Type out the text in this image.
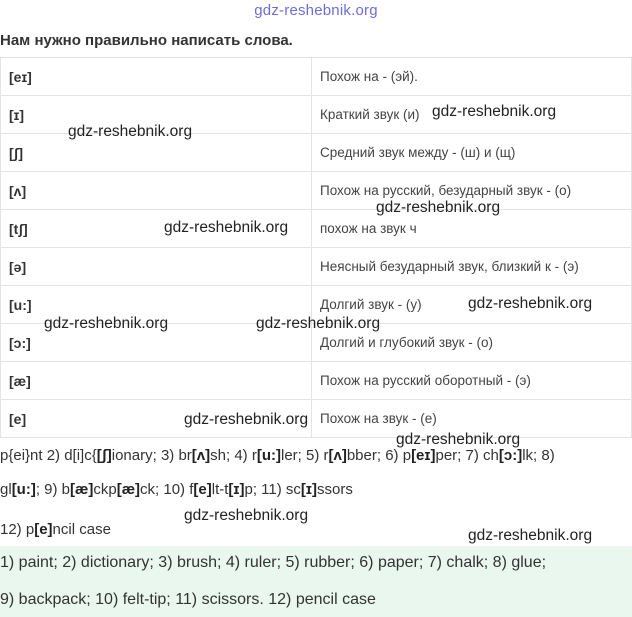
gdz-reshebnik.org
Нам нужно правильно написать слова.
[eɪ]	Похож на - (эй).
[ɪ]	Краткий звук (и)
[ʃ]	Средний звук между - (ш) и (щ)
[ʌ]	Похож на русский, безударный звук - (о)
[tʃ]	похож на звук ч
[ə]	Неясный безударный звук, близкий к - (э)
[u:]	Долгий звук - (у)
[ɔ:]	Долгий и глубокий звук - (о)
[æ]	Похож на русский оборотный - (э)
[e]	Похож на звук - (е)
p{ei}nt 2) d[i]c{[ʃ]ionary; 3) br[ʌ]sh; 4) r[u:]ler; 5) r[ʌ]bber; 6) p[eɪ]per; 7) ch[ɔ:]lk; 8)
gl[u:]; 9) b[æ]ckp[æ]ck; 10) f[e]lt-t[ɪ]p; 11) sc[ɪ]ssors
12) p[e]ncil case
1) paint; 2) dictionary; 3) brush; 4) ruler; 5) rubber; 6) paper; 7) chalk; 8) glue;
9) backpack; 10) felt-tip; 11) scissors. 12) pencil case
gdz-reshebnik.org
gdz-reshebnik.org
gdz-reshebnik.org
gdz-reshebnik.org
gdz-reshebnik.org
gdz-reshebnik.org	gdz-reshebnik.org
gdz-reshebnik.org
gdz-reshebnik.org
gdz-reshebnik.org
gdz-reshebnik.org
